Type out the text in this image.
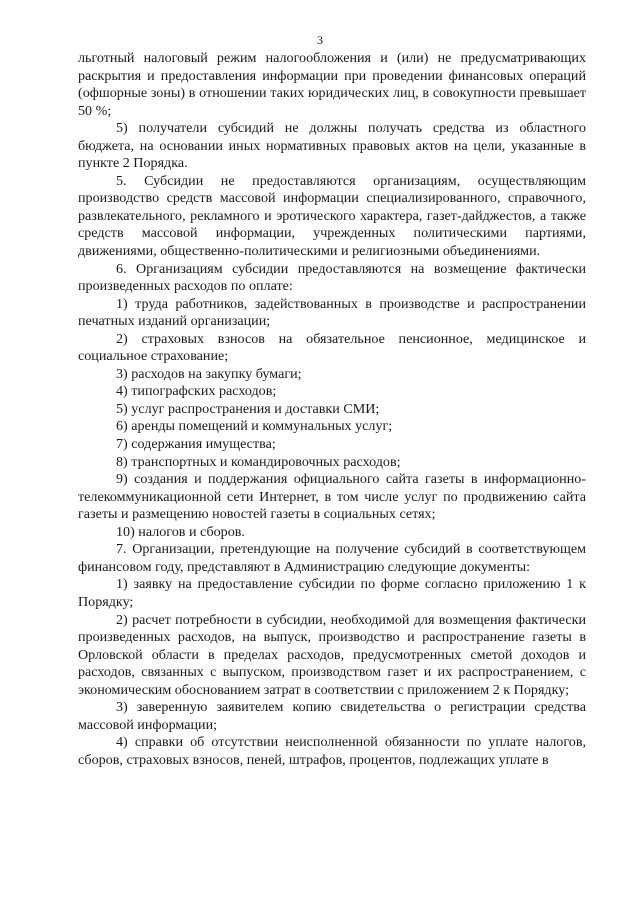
3

льготный налоговый режим налогообложения и (или) не предусматривающих раскрытия и предоставления информации при проведении финансовых операций (офшорные зоны) в отношении таких юридических лиц, в совокупности превышает 50 %;

5) получатели субсидий не должны получать средства из областного бюджета, на основании иных нормативных правовых актов на цели, указанные в пункте 2 Порядка.

5. Субсидии не предоставляются организациям, осуществляющим производство средств массовой информации специализированного, справочного, развлекательного, рекламного и эротического характера, газет-дайджестов, а также средств массовой информации, учрежденных политическими партиями, движениями, общественно-политическими и религиозными объединениями.

6. Организациям субсидии предоставляются на возмещение фактически произведенных расходов по оплате:

1) труда работников, задействованных в производстве и распространении печатных изданий организации;

2) страховых взносов на обязательное пенсионное, медицинское и социальное страхование;

3) расходов на закупку бумаги;

4) типографских расходов;

5) услуг распространения и доставки СМИ;

6) аренды помещений и коммунальных услуг;

7) содержания имущества;

8) транспортных и командировочных расходов;

9) создания и поддержания официального сайта газеты в информационно-телекоммуникационной сети Интернет, в том числе услуг по продвижению сайта газеты и размещению новостей газеты в социальных сетях;

10) налогов и сборов.

7. Организации, претендующие на получение субсидий в соответствующем финансовом году, представляют в Администрацию следующие документы:

1) заявку на предоставление субсидии по форме согласно приложению 1 к Порядку;

2) расчет потребности в субсидии, необходимой для возмещения фактически произведенных расходов, на выпуск, производство и распространение газеты в Орловской области в пределах расходов, предусмотренных сметой доходов и расходов, связанных с выпуском, производством газет и их распространением, с экономическим обоснованием затрат в соответствии с приложением 2 к Порядку;

3) заверенную заявителем копию свидетельства о регистрации средства массовой информации;

4) справки об отсутствии неисполненной обязанности по уплате налогов, сборов, страховых взносов, пеней, штрафов, процентов, подлежащих уплате в
